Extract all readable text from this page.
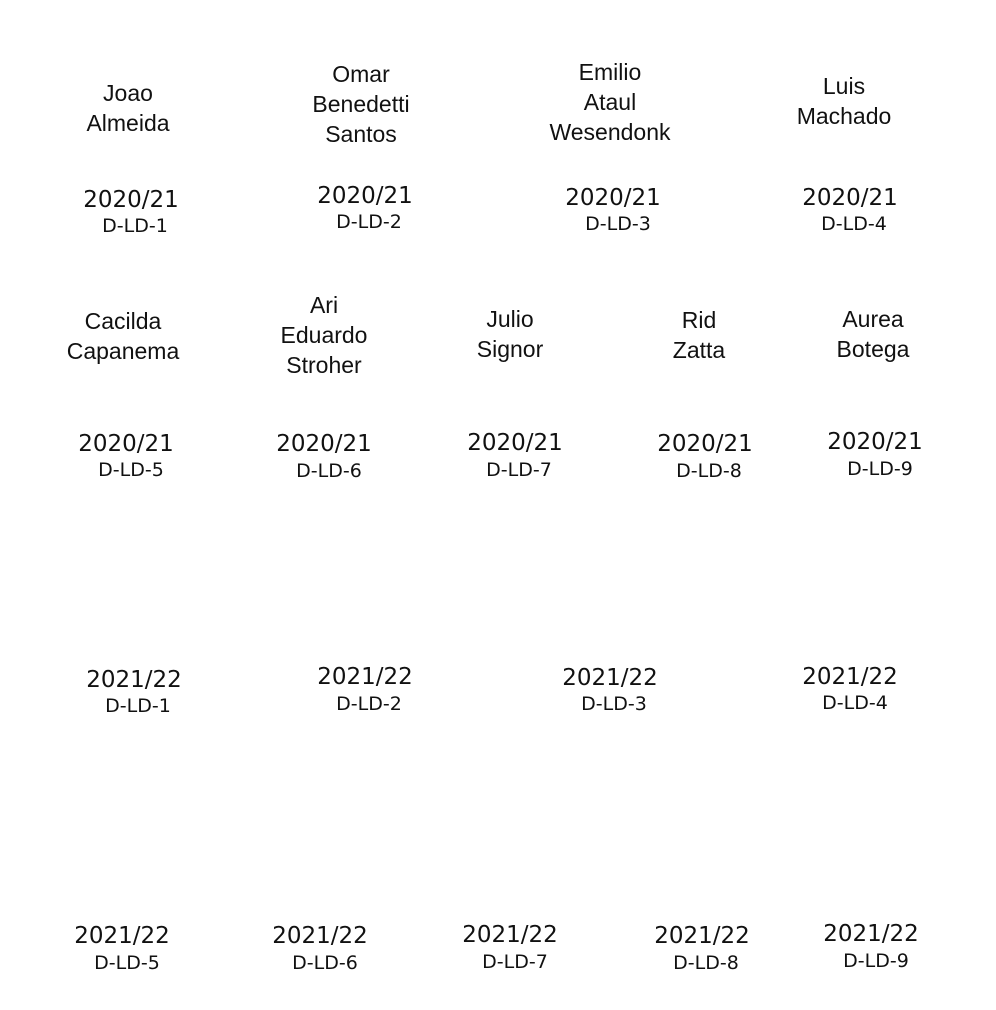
Joao
Almeida
Omar
Benedetti
Santos
Emilio
Ataul
Wesendonk
Luis
Machado
Cacilda
Capanema
Ari
Eduardo
Stroher
Julio
Signor
Rid
Zatta
Aurea
Botega
2020/21
D-LD-1
2020/21
D-LD-2
2020/21
D-LD-3
2020/21
D-LD-4
2020/21
D-LD-5
2020/21
D-LD-6
2020/21
D-LD-7
2020/21
D-LD-8
2020/21
D-LD-9
2021/22
D-LD-1
2021/22
D-LD-2
2021/22
D-LD-3
2021/22
D-LD-4
2021/22
D-LD-5
2021/22
D-LD-6
2021/22
D-LD-7
2021/22
D-LD-8
2021/22
D-LD-9
